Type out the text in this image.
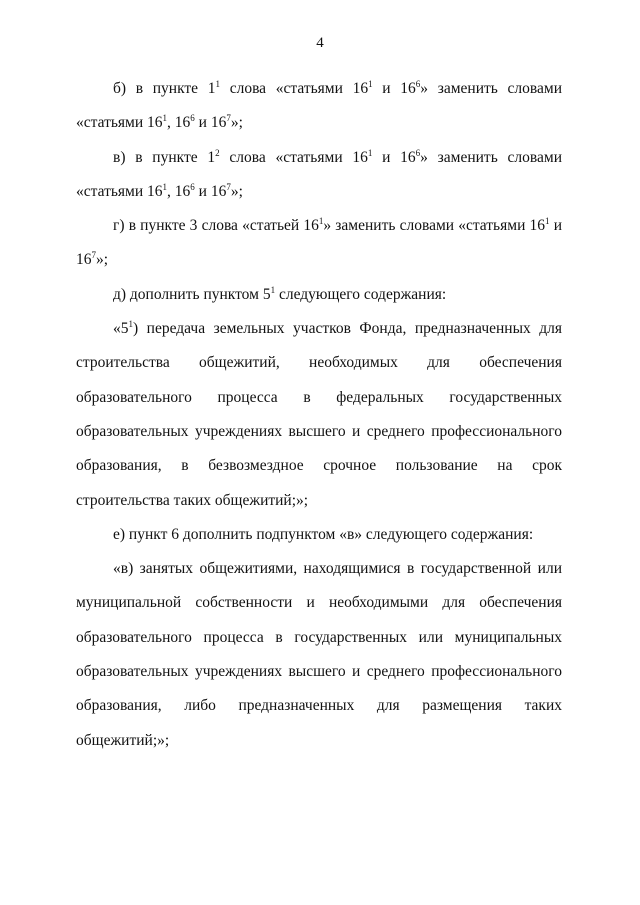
4
б) в пункте $1^1$ слова «статьями $16^1$ и $16^6$» заменить словами
«статьями $16^1$, $16^6$ и $16^7$»;
в) в пункте $1^2$ слова «статьями $16^1$ и $16^6$» заменить словами
«статьями $16^1$, $16^6$ и $16^7$»;
г) в пункте 3 слова «статьей $16^1$» заменить словами «статьями $16^1$ и
$16^7$»;
д) дополнить пунктом $5^1$ следующего содержания:
«$5^1$) передача земельных участков Фонда, предназначенных для строительства общежитий, необходимых для обеспечения образовательного процесса в федеральных государственных образовательных учреждениях высшего и среднего профессионального образования, в безвозмездное срочное пользование на срок строительства таких общежитий;»;
е) пункт 6 дополнить подпунктом «в» следующего содержания:
«в) занятых общежитиями, находящимися в государственной или муниципальной собственности и необходимыми для обеспечения образовательного процесса в государственных или муниципальных образовательных учреждениях высшего и среднего профессионального образования, либо предназначенных для размещения таких общежитий;»;
